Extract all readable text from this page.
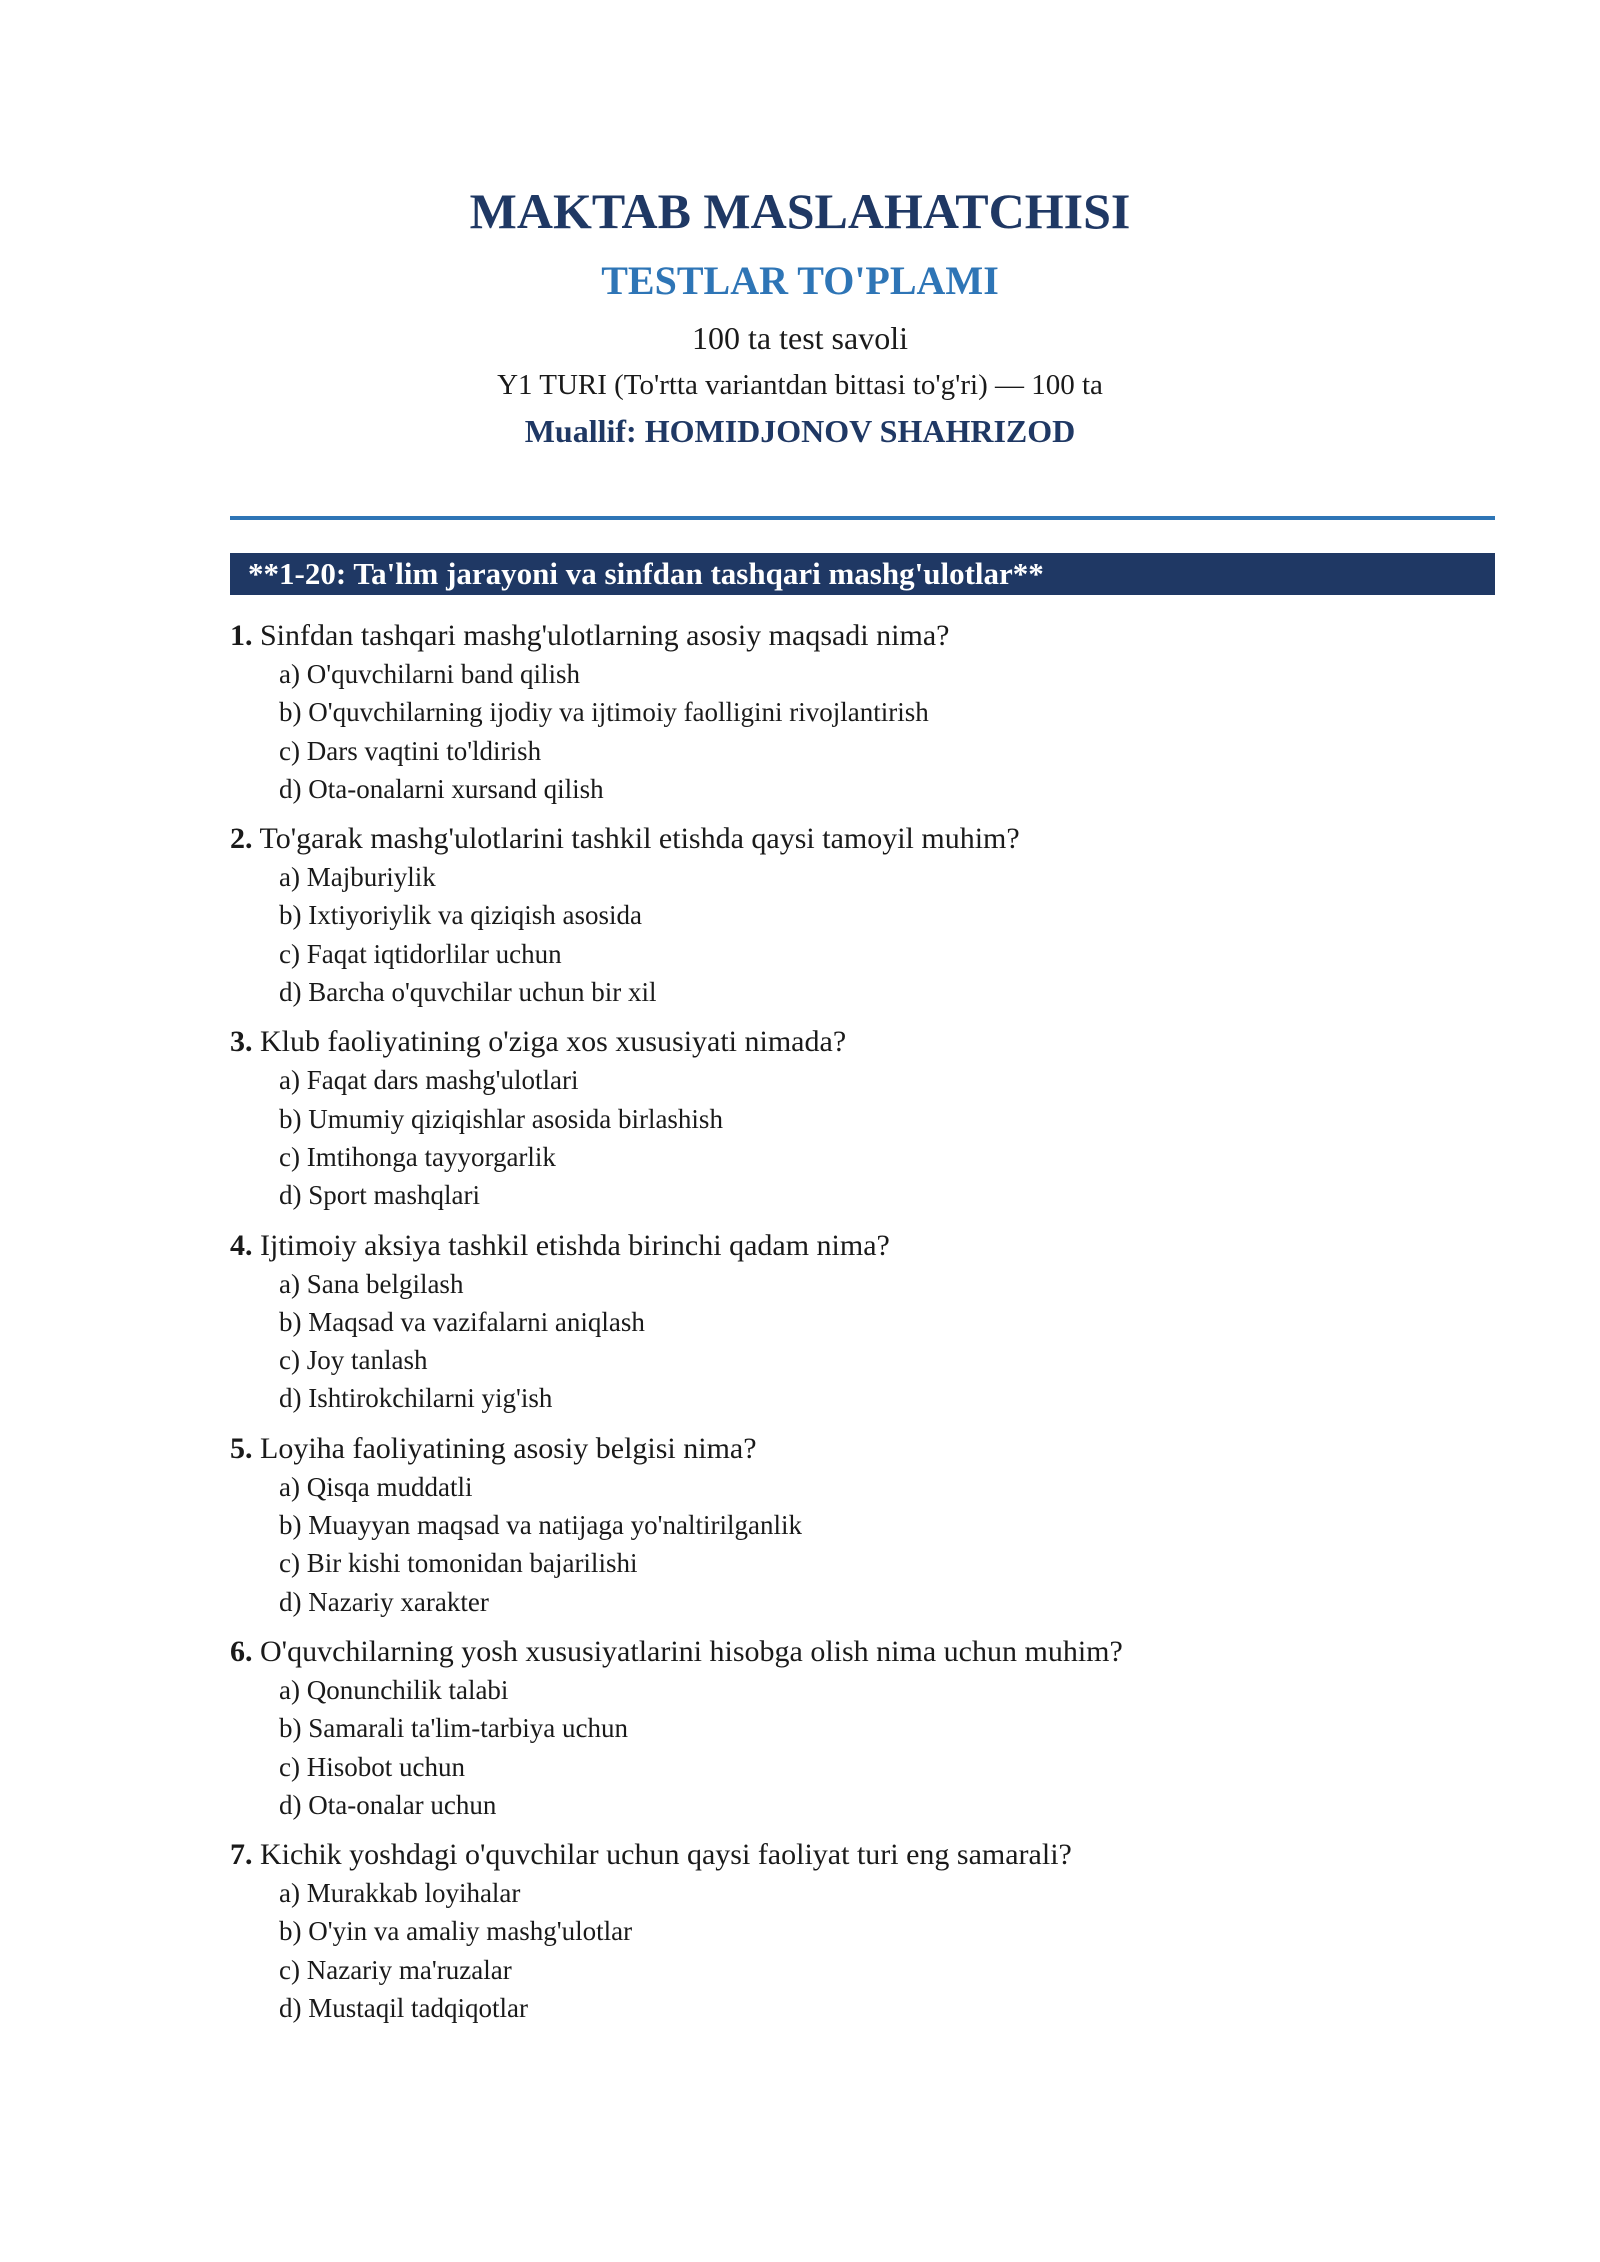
MAKTAB MASLAHATCHISI
TESTLAR TO'PLAMI
100 ta test savoli
Y1 TURI (To'rtta variantdan bittasi to'g'ri) — 100 ta
Muallif: HOMIDJONOV SHAHRIZOD
**1-20: Ta'lim jarayoni va sinfdan tashqari mashg'ulotlar**
1. Sinfdan tashqari mashg'ulotlarning asosiy maqsadi nima?
a) O'quvchilarni band qilish
b) O'quvchilarning ijodiy va ijtimoiy faolligini rivojlantirish
c) Dars vaqtini to'ldirish
d) Ota-onalarni xursand qilish
2. To'garak mashg'ulotlarini tashkil etishda qaysi tamoyil muhim?
a) Majburiylik
b) Ixtiyoriylik va qiziqish asosida
c) Faqat iqtidorlilar uchun
d) Barcha o'quvchilar uchun bir xil
3. Klub faoliyatining o'ziga xos xususiyati nimada?
a) Faqat dars mashg'ulotlari
b) Umumiy qiziqishlar asosida birlashish
c) Imtihonga tayyorgarlik
d) Sport mashqlari
4. Ijtimoiy aksiya tashkil etishda birinchi qadam nima?
a) Sana belgilash
b) Maqsad va vazifalarni aniqlash
c) Joy tanlash
d) Ishtirokchilarni yig'ish
5. Loyiha faoliyatining asosiy belgisi nima?
a) Qisqa muddatli
b) Muayyan maqsad va natijaga yo'naltirilganlik
c) Bir kishi tomonidan bajarilishi
d) Nazariy xarakter
6. O'quvchilarning yosh xususiyatlarini hisobga olish nima uchun muhim?
a) Qonunchilik talabi
b) Samarali ta'lim-tarbiya uchun
c) Hisobot uchun
d) Ota-onalar uchun
7. Kichik yoshdagi o'quvchilar uchun qaysi faoliyat turi eng samarali?
a) Murakkab loyihalar
b) O'yin va amaliy mashg'ulotlar
c) Nazariy ma'ruzalar
d) Mustaqil tadqiqotlar
